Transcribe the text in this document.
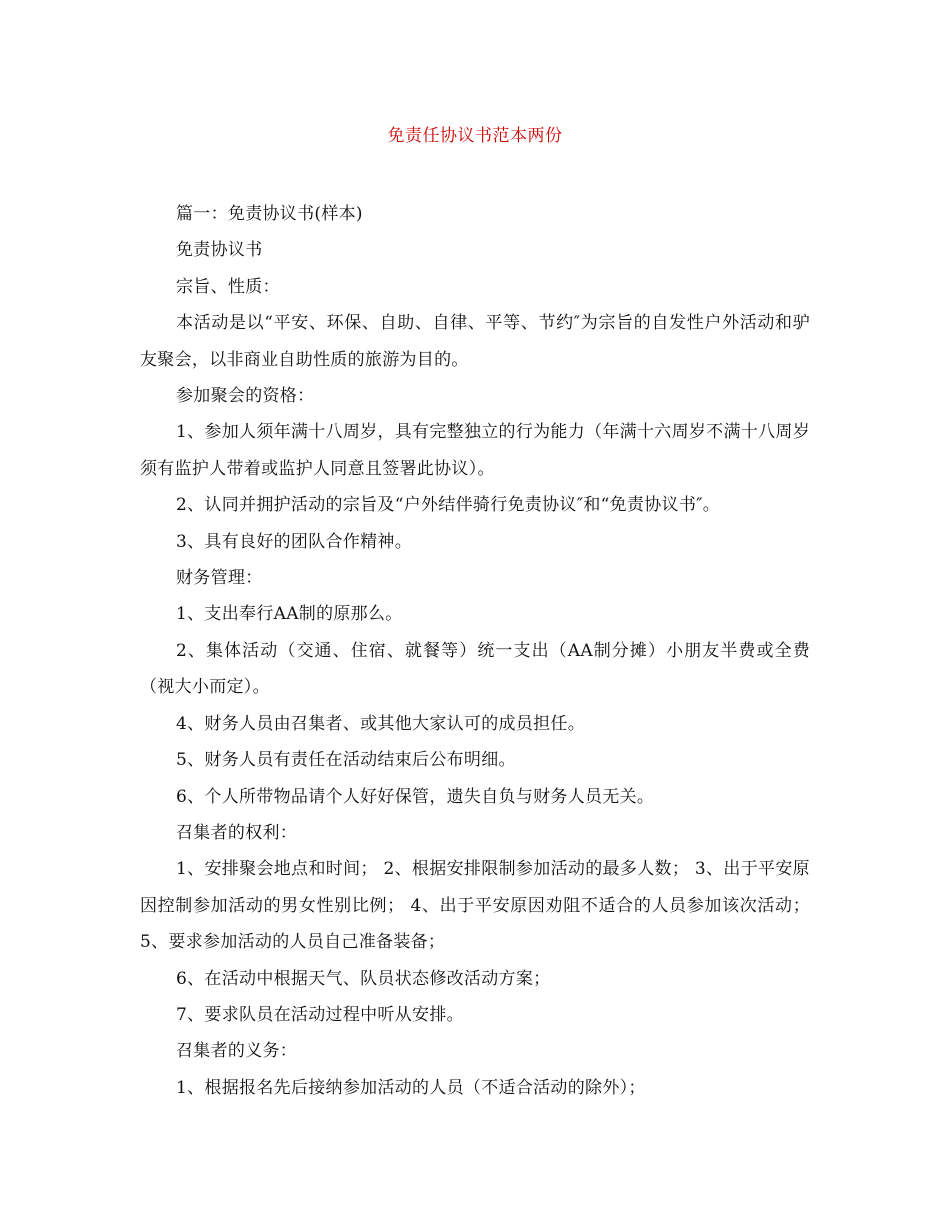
免责任协议书范本两份

篇一：免责协议书(样本)

免责协议书

宗旨、性质：

本活动是以“平安、环保、自助、自律、平等、节约″为宗旨的自发性户外活动和驴友聚会，以非商业自助性质的旅游为目的。

参加聚会的资格：

1、参加人须年满十八周岁，具有完整独立的行为能力（年满十六周岁不满十八周岁须有监护人带着或监护人同意且签署此协议）。

2、认同并拥护活动的宗旨及“户外结伴骑行免责协议″和“免责协议书″。

3、具有良好的团队合作精神。

财务管理：

1、支出奉行AA制的原那么。

2、集体活动（交通、住宿、就餐等）统一支出（AA制分摊）小朋友半费或全费（视大小而定）。

4、财务人员由召集者、或其他大家认可的成员担任。

5、财务人员有责任在活动结束后公布明细。

6、个人所带物品请个人好好保管，遗失自负与财务人员无关。

召集者的权利：

1、安排聚会地点和时间； 2、根据安排限制参加活动的最多人数； 3、出于平安原因控制参加活动的男女性别比例； 4、出于平安原因劝阻不适合的人员参加该次活动； 5、要求参加活动的人员自己准备装备；

6、在活动中根据天气、队员状态修改活动方案；

7、要求队员在活动过程中听从安排。

召集者的义务：

1、根据报名先后接纳参加活动的人员（不适合活动的除外）；
